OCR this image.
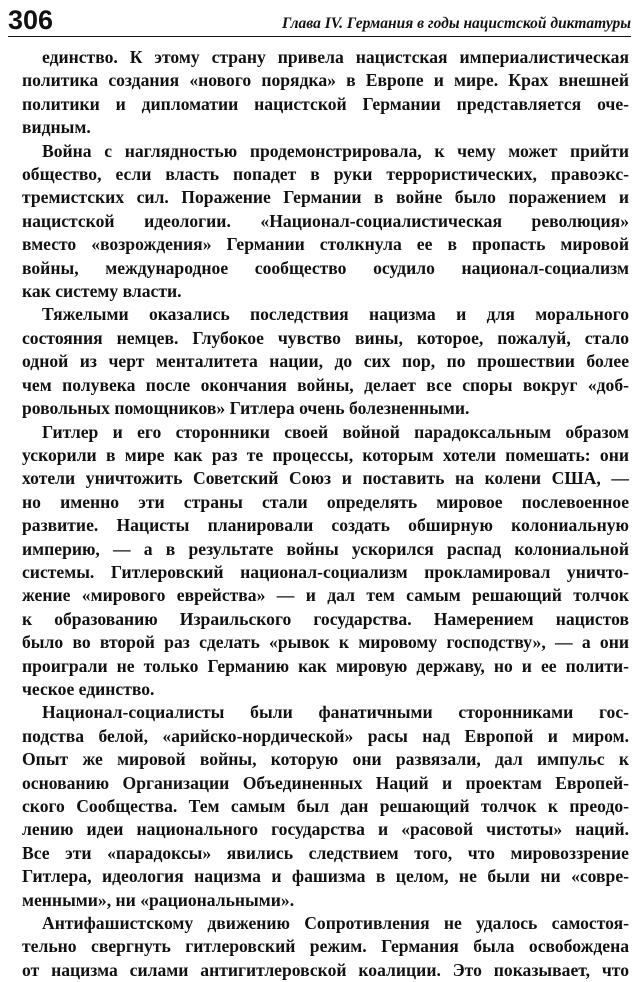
306	Глава IV. Германия в годы нацистской диктатуры
единство. К этому страну привела нацистская империалистическая
политика создания «нового порядка» в Европе и мире. Крах внешней
политики и дипломатии нацистской Германии представляется оче-
видным.
Война с наглядностью продемонстрировала, к чему может прийти
общество, если власть попадет в руки террористических, правоэкс-
тремистских сил. Поражение Германии в войне было поражением и
нацистской идеологии. «Национал-социалистическая революция»
вместо «возрождения» Германии столкнула ее в пропасть мировой
войны, международное сообщество осудило национал-социализм
как систему власти.
Тяжелыми оказались последствия нацизма и для морального
состояния немцев. Глубокое чувство вины, которое, пожалуй, стало
одной из черт менталитета нации, до сих пор, по прошествии более
чем полувека после окончания войны, делает все споры вокруг «доб-
ровольных помощников» Гитлера очень болезненными.
Гитлер и его сторонники своей войной парадоксальным образом
ускорили в мире как раз те процессы, которым хотели помешать: они
хотели уничтожить Советский Союз и поставить на колени США, —
но именно эти страны стали определять мировое послевоенное
развитие. Нацисты планировали создать обширную колониальную
империю, — а в результате войны ускорился распад колониальной
системы. Гитлеровский национал-социализм прокламировал уничто-
жение «мирового еврейства» — и дал тем самым решающий толчок
к образованию Израильского государства. Намерением нацистов
было во второй раз сделать «рывок к мировому господству», — а они
проиграли не только Германию как мировую державу, но и ее полити-
ческое единство.
Национал-социалисты были фанатичными сторонниками гос-
подства белой, «арийско-нордической» расы над Европой и миром.
Опыт же мировой войны, которую они развязали, дал импульс к
основанию Организации Объединенных Наций и проектам Европей-
ского Сообщества. Тем самым был дан решающий толчок к преодо-
лению идеи национального государства и «расовой чистоты» наций.
Все эти «парадоксы» явились следствием того, что мировоззрение
Гитлера, идеология нацизма и фашизма в целом, не были ни «совре-
менными», ни «рациональными».
Антифашистскому движению Сопротивления не удалось самостоя-
тельно свергнуть гитлеровский режим. Германия была освобождена
от нацизма силами антигитлеровской коалиции. Это показывает, что
